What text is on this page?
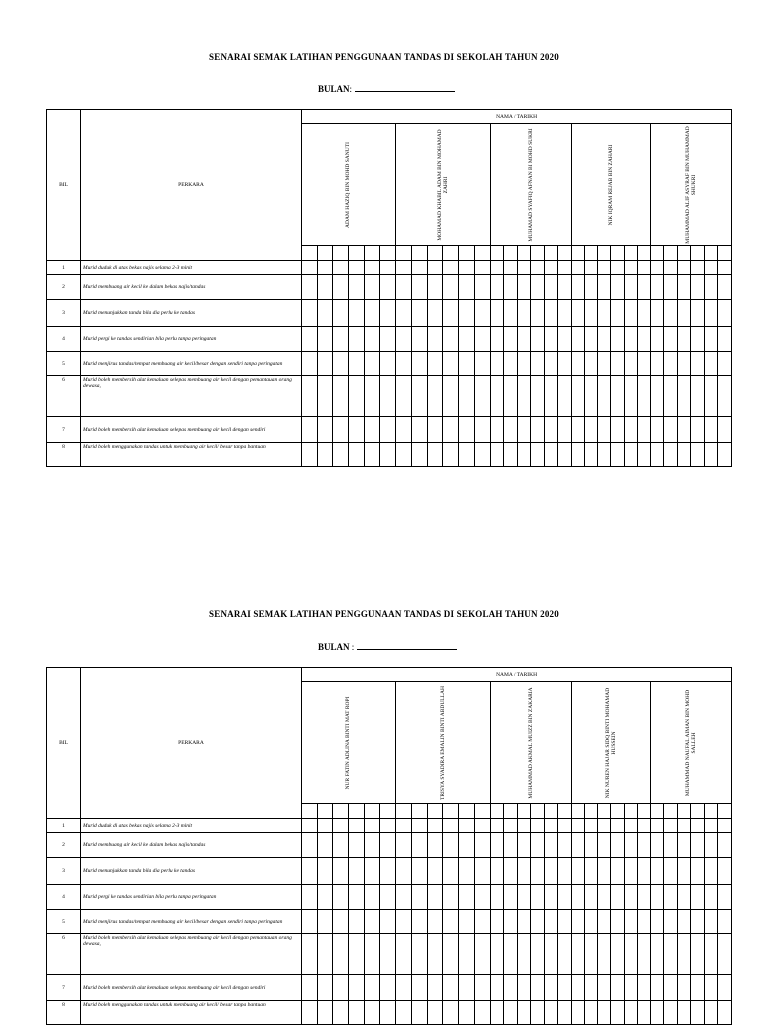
SENARAI SEMAK LATIHAN PENGGUNAAN TANDAS DI SEKOLAH TAHUN 2020
BULAN:
BIL	PERKARA	NAMA / TARIKH																													

		ADAM HAZIQ BIN MOHD SANUTI						MOHAMAD KHABIL ADAM BIN MOHAMAD ZAHRI						MUHAMAD SYAFIQ AFNAN BI MOHD SUKRI						NIK IQRAM REJAB BIN ZAHARI						MUHAMMAD ALIF ASYRAF BIN MUHAMMAD SHUKRI					

1	Murid duduk di atas bekas najis selama 2-3 minit																														
2	Murid membuang air kecil ke dalam bekas najis/tandas																														
3	Murid menunjukkan tanda bila dia perlu ke tandas																														
4	Murid pergi ke tandas sendirian bila perlu tanpa peringatan																														
5	Murid menjirus tandas/tempat membuang air kecil/besar dengan sendiri tanpa peringatan																														
6	Murid boleh membersih alat kemaluan selepas membuang air kecil dengan pemantauan orang dewasa,																														
7	Murid boleh membersih alat kemaluan selepas membuang air kecil dengan sendiri																														
8	Murid boleh menggunakan tandas untuk membuang air kecil/ besar tanpa bantuan																														
SENARAI SEMAK LATIHAN PENGGUNAAN TANDAS DI SEKOLAH TAHUN 2020
BULAN :
BIL	PERKARA	NAMA / TARIKH																													

		NUR FATIN ADLINA BINTI MAT ROPI						TRISYA SYADIRA EMALIN BINTI ABDULLAH						MUHAMMAD AKMAL MUIZZ BIN ZAKARIA						NIK NUREN HAJAR SIDQ BINTI MOHAMAD HUSSEIN						MUHAMMAD NAUFAL AIMAN BIN MOHD SALLEH					

1	Murid duduk di atas bekas najis selama 2-3 minit																														
2	Murid membuang air kecil ke dalam bekas najis/tandas																														
3	Murid menunjukkan tanda bila dia perlu ke tandas																														
4	Murid pergi ke tandas sendirian bila perlu tanpa peringatan																														
5	Murid menjirus tandas/tempat membuang air kecil/besar dengan sendiri tanpa peringatan																														
6	Murid boleh membersih alat kemaluan selepas membuang air kecil dengan pemantauan orang dewasa,																														
7	Murid boleh membersih alat kemaluan selepas membuang air kecil dengan sendiri																														
8	Murid boleh menggunakan tandas untuk membuang air kecil/ besar tanpa bantuan																														
